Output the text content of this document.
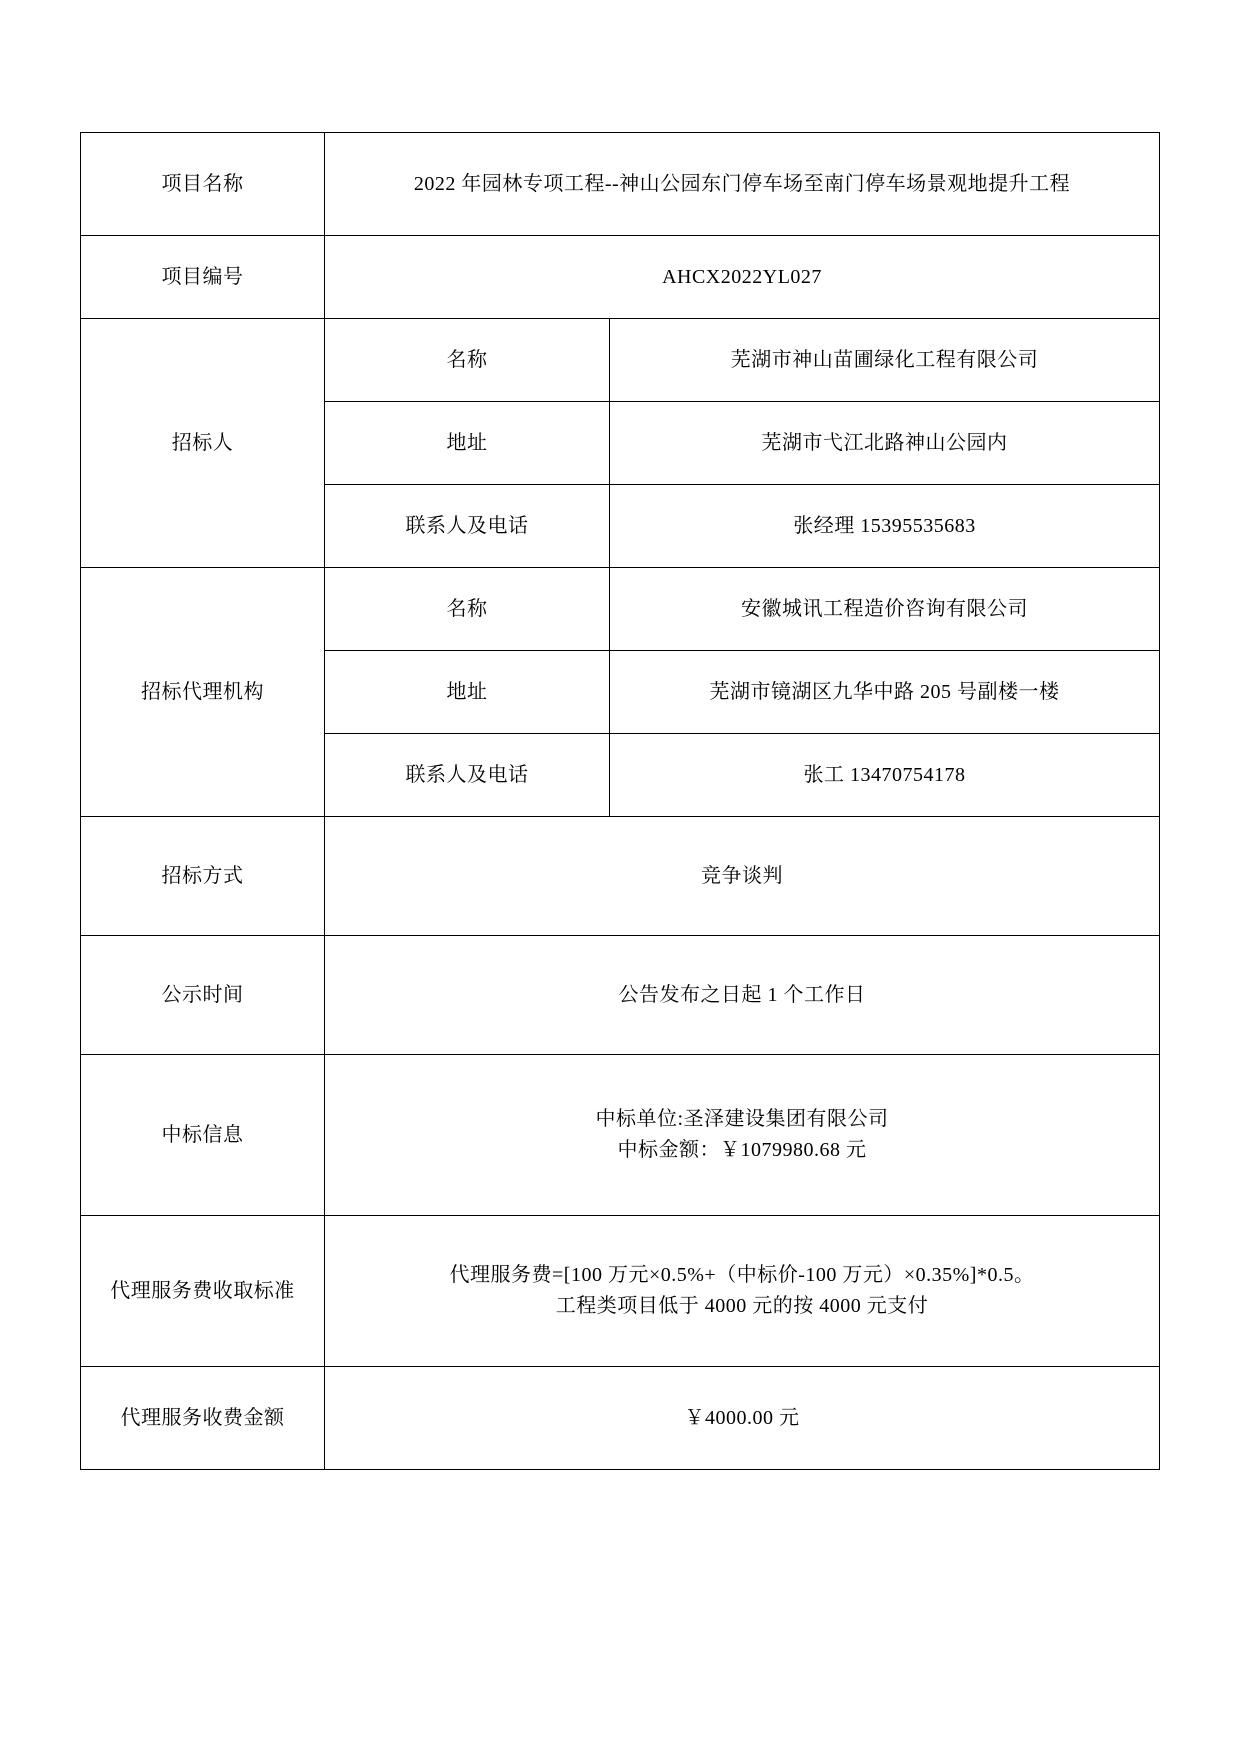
项目名称	2022 年园林专项工程--神山公园东门停车场至南门停车场景观地提升工程	
项目编号	AHCX2022YL027	
招标人	名称	芜湖市神山苗圃绿化工程有限公司
	地址	芜湖市弋江北路神山公园内
	联系人及电话	张经理 15395535683
招标代理机构	名称	安徽城讯工程造价咨询有限公司
	地址	芜湖市镜湖区九华中路 205 号副楼一楼
	联系人及电话	张工 13470754178
招标方式	竞争谈判	
公示时间	公告发布之日起 1 个工作日	
中标信息	中标单位:圣泽建设集团有限公司
中标金额：￥1079980.68 元	

代理服务费收取标准	代理服务费=[100 万元×0.5%+（中标价-100 万元）×0.35%]*0.5。
工程类项目低于 4000 元的按 4000 元支付	

代理服务收费金额	￥4000.00 元	
